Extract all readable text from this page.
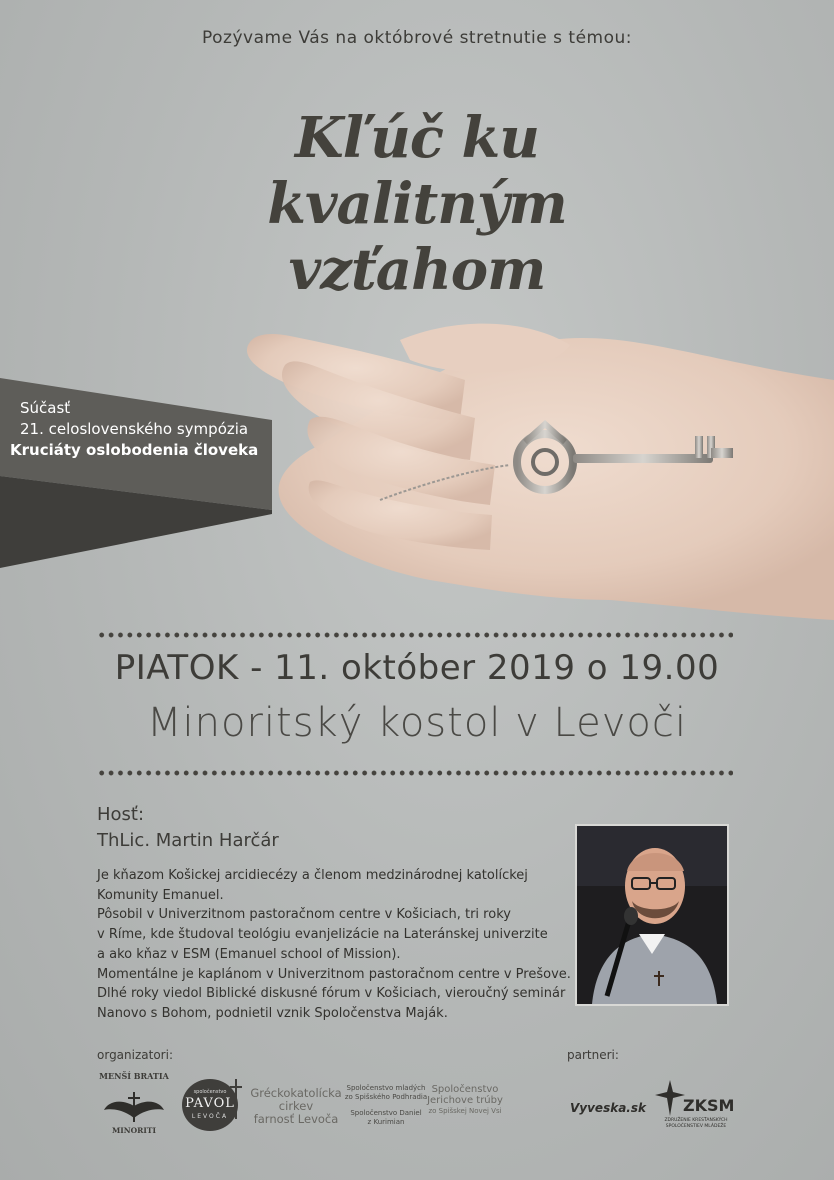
Pozývame Vás na októbrové stretnutie s témou:
Kľúč ku
kvalitným
vzťahom
Súčasť
21. celoslovenského sympózia
Kruciáty oslobodenia človeka
PIATOK - 11. október 2019 o 19.00
Minoritský kostol v Levoči
Hosť:
ThLic. Martin Harčár
Je kňazom Košickej arcidiecézy a členom medzinárodnej katolíckej
Komunity Emanuel.
Pôsobil v Univerzitnom pastoračnom centre v Košiciach, tri roky
v Ríme, kde študoval teológiu evanjelizácie na Lateránskej univerzite
a ako kňaz v ESM (Emanuel school of Mission).
Momentálne je kaplánom v Univerzitnom pastoračnom centre v Prešove.
Dlhé roky viedol Biblické diskusné fórum v Košiciach, vieroučný seminár
Nanovo s Bohom, podnietil vznik Spoločenstva Maják.
organizatori:	partneri:
MENŠÍ BRATIA
MINORITI
spoločenstvo
PAVOL
LEVOČA
Gréckokatolícka
cirkev
farnosť Levoča
Spoločenstvo mladých
zo Spišského Podhradia
Spoločenstvo Daniel
z Kurimian
Spoločenstvo
Jerichove trúby
zo Spišskej Novej Vsi	Vyveska.sk ZKSM
ZDRUŽENIE KRESŤANSKÝCH
SPOLOČENSTIEV MLÁDEŽE
